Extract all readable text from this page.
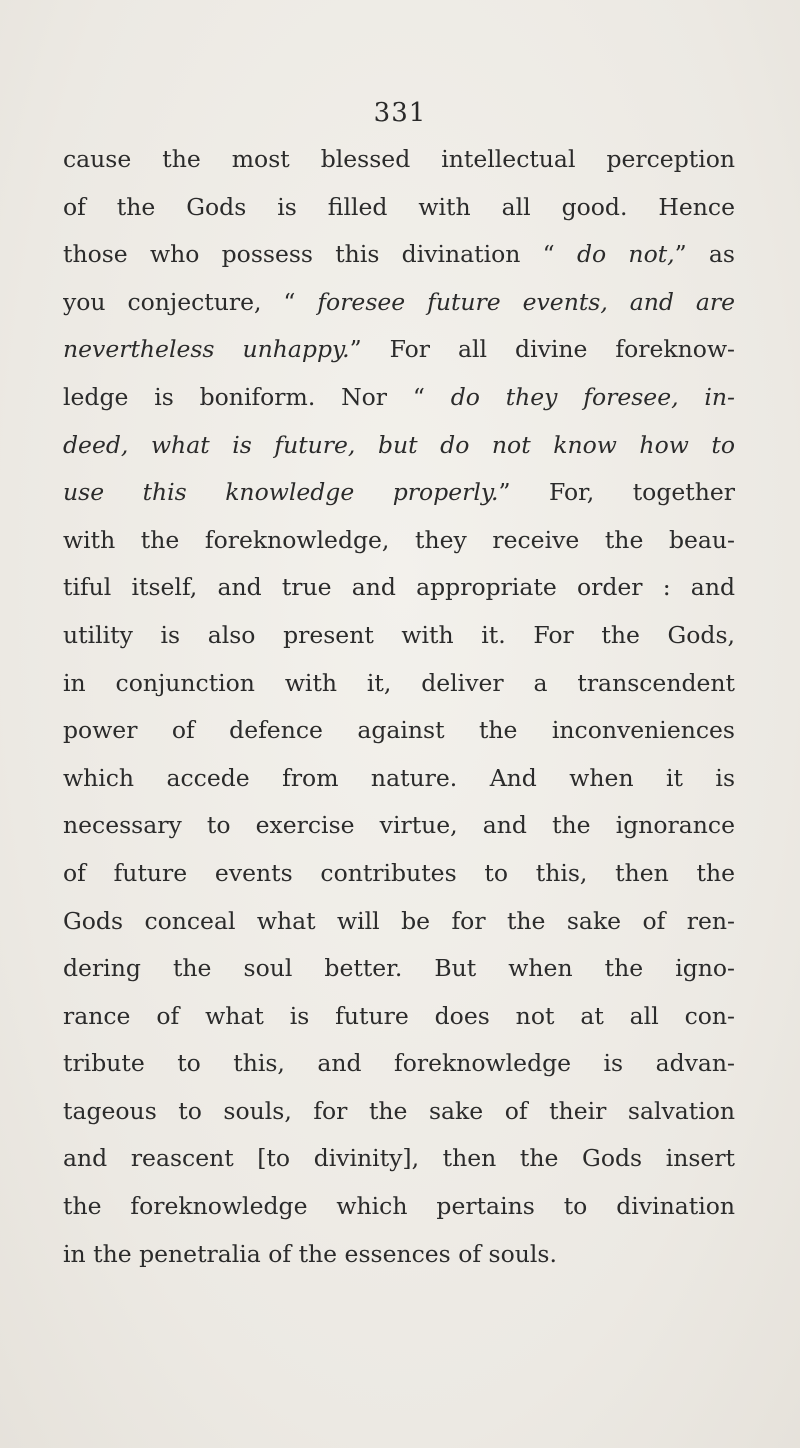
331
cause the most blessed intellectual perception
of the Gods is filled with all good. Hence
those who possess this divination “ do not,” as
you conjecture, “ foresee future events, and are
nevertheless unhappy.” For all divine foreknow-
ledge is boniform. Nor “ do they foresee, in-
deed, what is future, but do not know how to
use this knowledge properly.” For, together
with the foreknowledge, they receive the beau-
tiful itself, and true and appropriate order : and
utility is also present with it. For the Gods,
in conjunction with it, deliver a transcendent
power of defence against the inconveniences
which accede from nature. And when it is
necessary to exercise virtue, and the ignorance
of future events contributes to this, then the
Gods conceal what will be for the sake of ren-
dering the soul better. But when the igno-
rance of what is future does not at all con-
tribute to this, and foreknowledge is advan-
tageous to souls, for the sake of their salvation
and reascent [to divinity], then the Gods insert
the foreknowledge which pertains to divination
in the penetralia of the essences of souls.
